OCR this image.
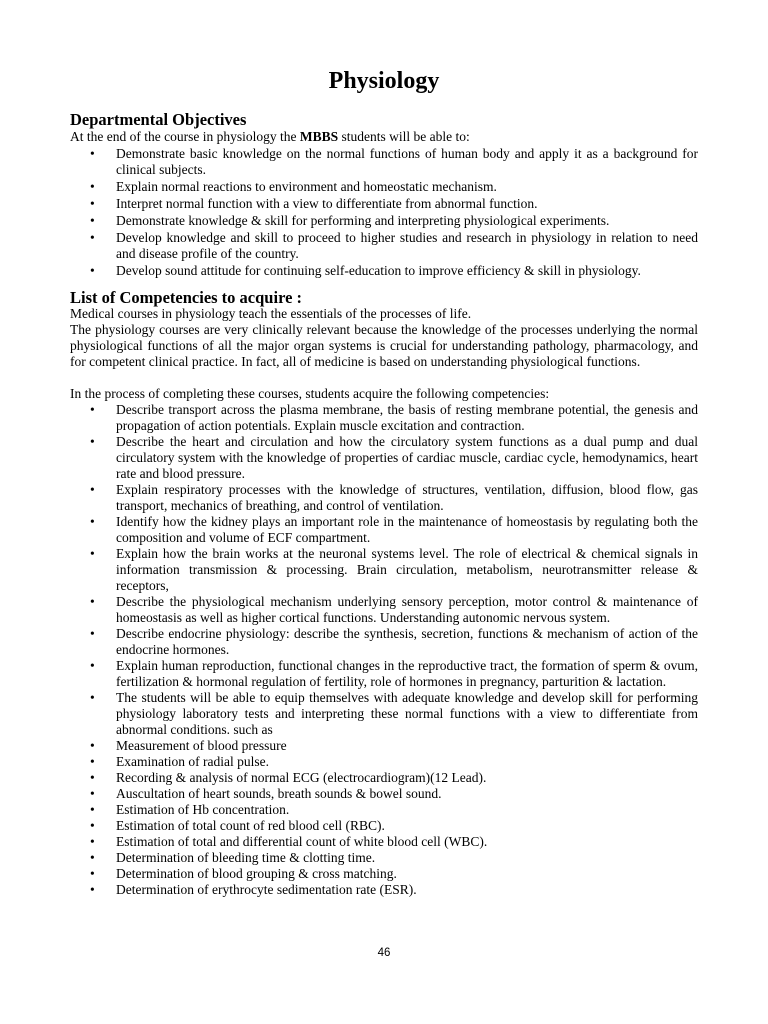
Physiology
Departmental Objectives
At the end of the course in physiology the MBBS students will be able to:
•	Demonstrate basic knowledge on the normal functions of human body and apply it as a background for clinical subjects.
•	Explain normal reactions to environment and homeostatic mechanism.
•	Interpret normal function with a view to differentiate from abnormal function.
•	Demonstrate knowledge & skill for performing and interpreting physiological experiments.
•	Develop knowledge and skill to proceed to higher studies and research in physiology in relation to need and disease profile of the country.
•	Develop sound attitude for continuing self-education to improve efficiency & skill in physiology.
List of Competencies to acquire :
Medical courses in physiology teach the essentials of the processes of life.
The physiology courses are very clinically relevant because the knowledge of the processes underlying the normal physiological functions of all the major organ systems is crucial for understanding pathology, pharmacology, and for competent clinical practice. In fact, all of medicine is based on understanding physiological functions.
In the process of completing these courses, students acquire the following competencies:
•	Describe transport across the plasma membrane, the basis of resting membrane potential, the genesis and propagation of action potentials. Explain muscle excitation and contraction.
•	Describe the heart and circulation and how the circulatory system functions as a dual pump and dual circulatory system with the knowledge of properties of cardiac muscle, cardiac cycle, hemodynamics, heart rate and blood pressure.
•	Explain respiratory processes with the knowledge of structures, ventilation, diffusion, blood flow, gas transport, mechanics of breathing, and control of ventilation.
•	Identify how the kidney plays an important role in the maintenance of homeostasis by regulating both the composition and volume of ECF compartment.
•	Explain how the brain works at the neuronal systems level. The role of electrical & chemical signals in information transmission & processing. Brain circulation, metabolism, neurotransmitter release & receptors,
•	Describe the physiological mechanism underlying sensory perception, motor control & maintenance of homeostasis as well as higher cortical functions. Understanding autonomic nervous system.
•	Describe endocrine physiology: describe the synthesis, secretion, functions & mechanism of action of the endocrine hormones.
•	Explain human reproduction, functional changes in the reproductive tract, the formation of sperm & ovum, fertilization & hormonal regulation of fertility, role of hormones in pregnancy, parturition & lactation.
•	The students will be able to equip themselves with adequate knowledge and develop skill for performing physiology laboratory tests and interpreting these normal functions with a view to differentiate from abnormal conditions. such as
•	Measurement of blood pressure
•	Examination of radial pulse.
•	Recording & analysis of normal ECG (electrocardiogram)(12 Lead).
•	Auscultation of heart sounds, breath sounds & bowel sound.
•	Estimation of Hb concentration.
•	Estimation of total count of red blood cell (RBC).
•	Estimation of total and differential count of white blood cell (WBC).
•	Determination of bleeding time & clotting time.
•	Determination of blood grouping & cross matching.
•	Determination of erythrocyte sedimentation rate (ESR).
46
